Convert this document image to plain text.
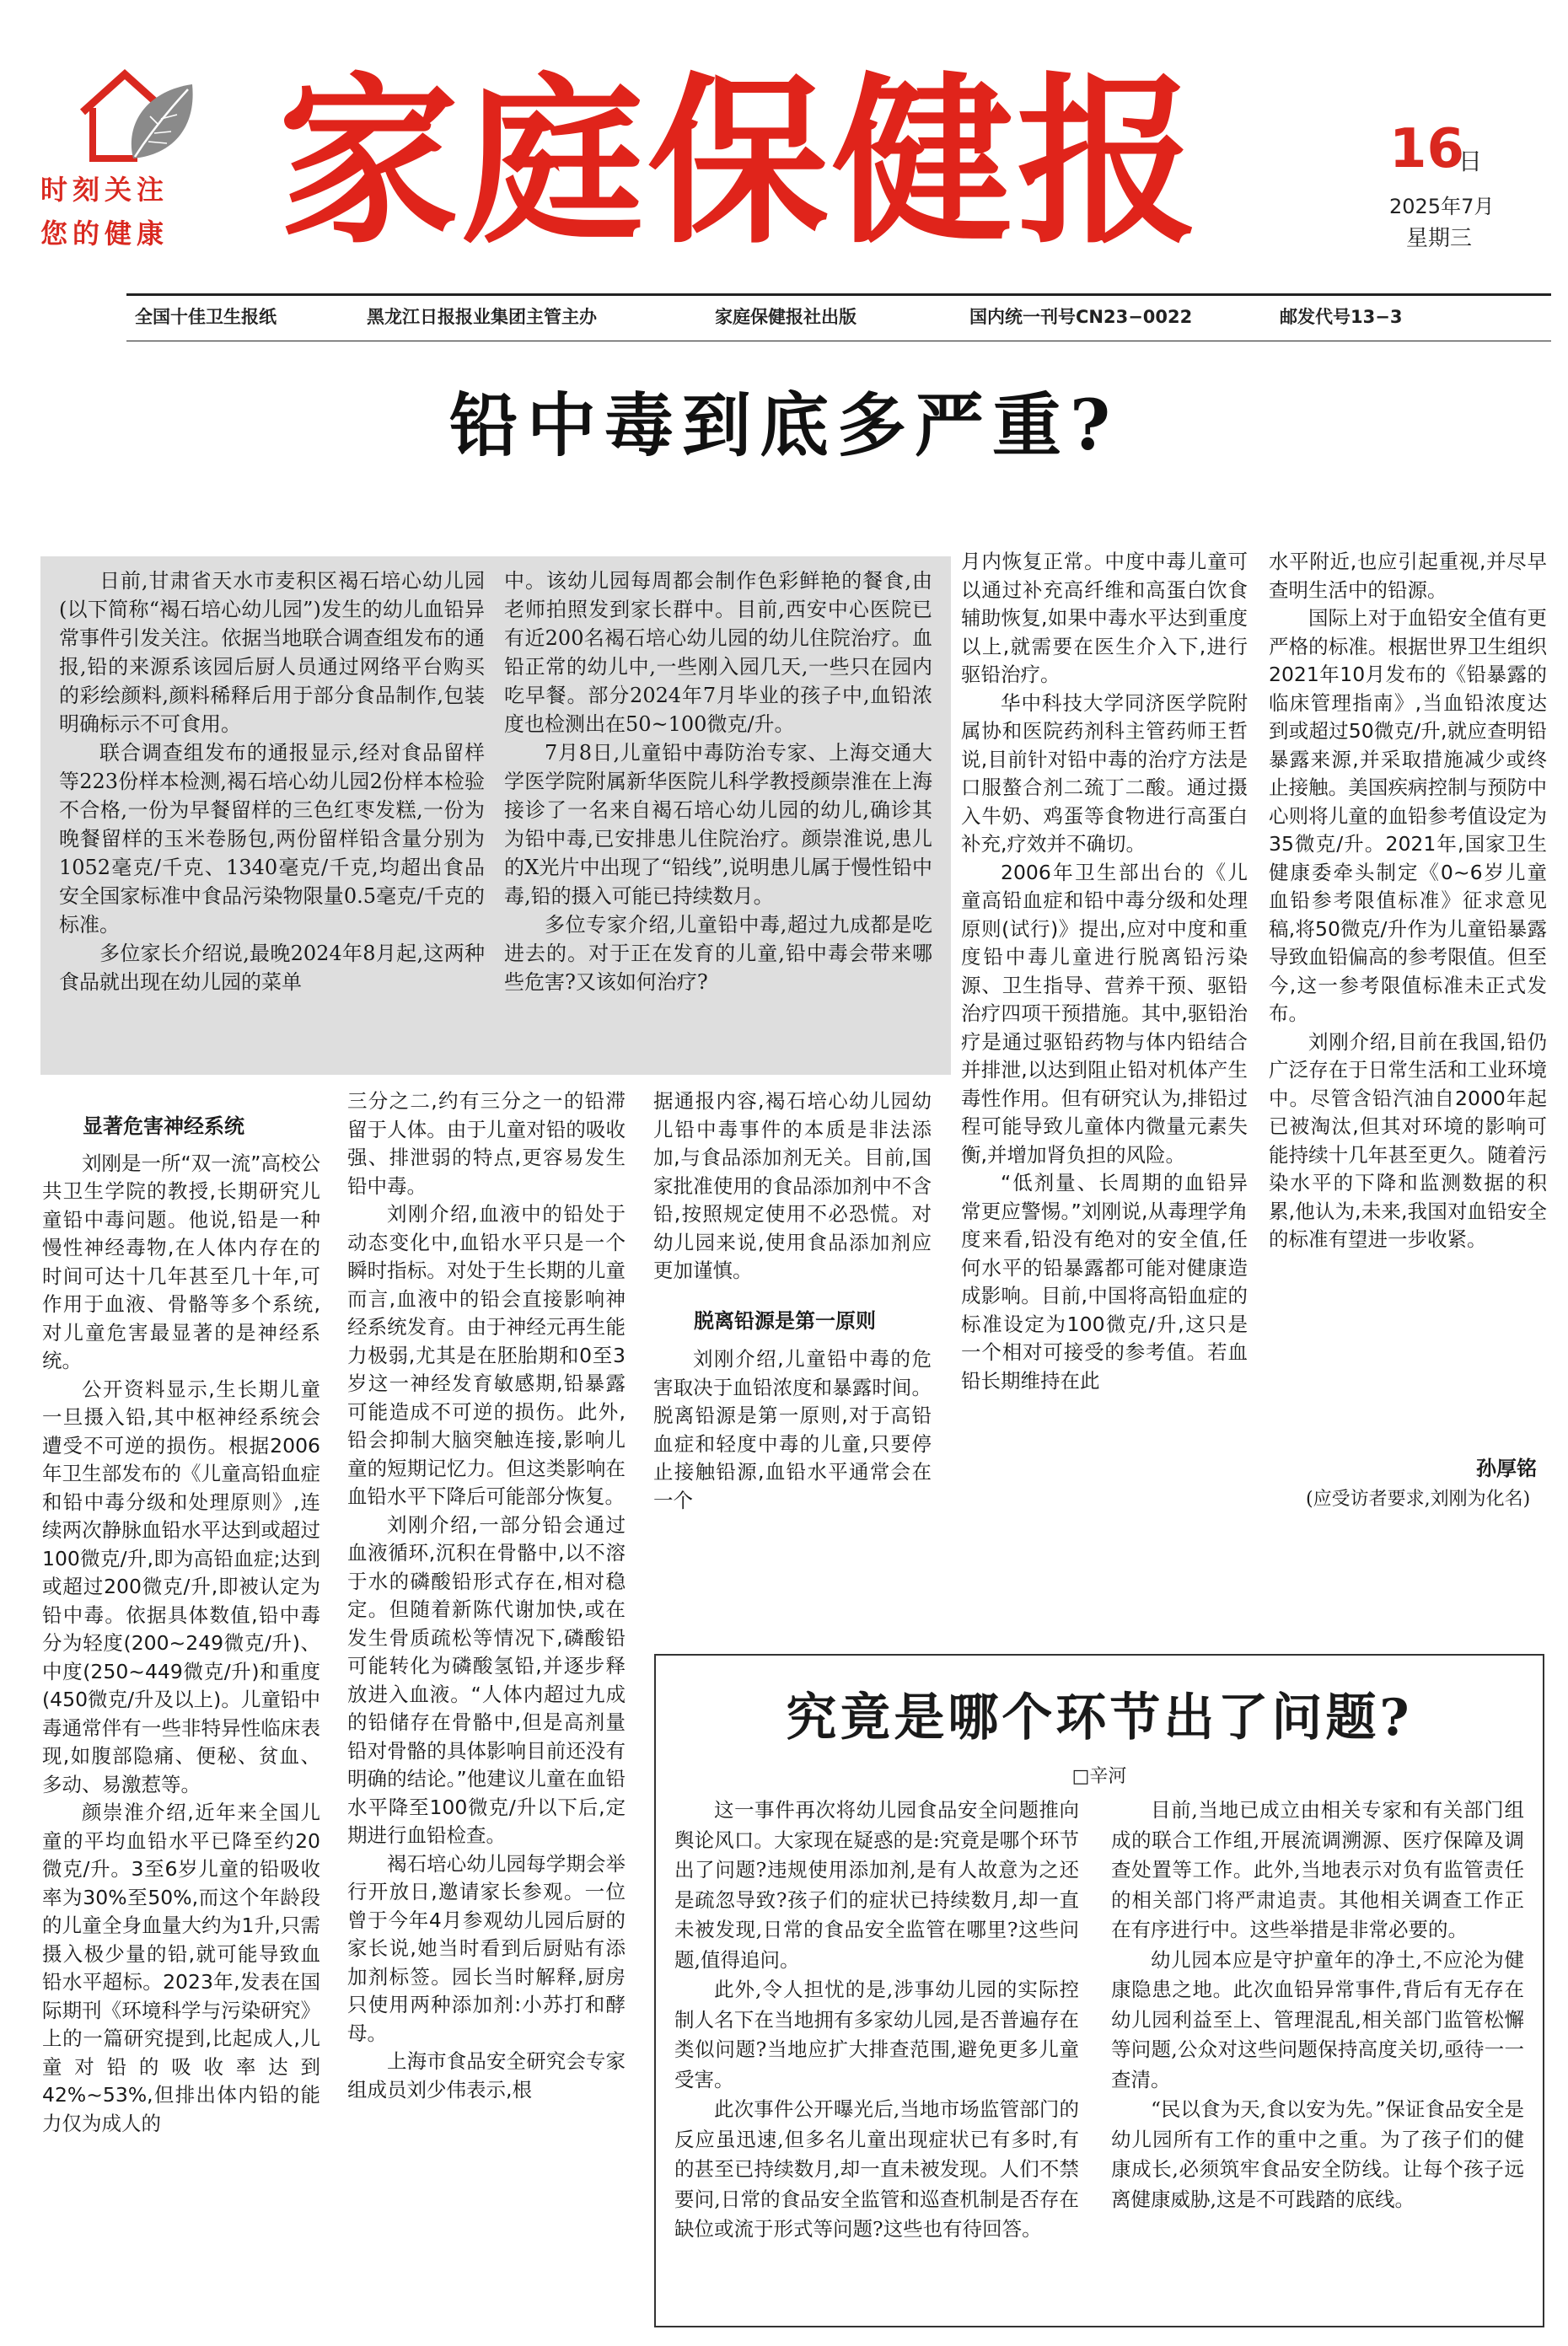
时刻关注
您的健康 家庭保健报	16
日
2025年7月
星期三
全国十佳卫生报纸	黑龙江日报报业集团主管主办	家庭保健报社出版	国内统一刊号CN23−0022	邮发代号13−3
铅中毒到底多严重?

日前,甘肃省天水市麦积区褐石培心幼儿园(以下简称“褐石培心幼儿园”)发生的幼儿血铅异常事件引发关注。依据当地联合调查组发布的通报,铅的来源系该园后厨人员通过网络平台购买的彩绘颜料,颜料稀释后用于部分食品制作,包装明确标示不可食用。

联合调查组发布的通报显示,经对食品留样等223份样本检测,褐石培心幼儿园2份样本检验不合格,一份为早餐留样的三色红枣发糕,一份为晚餐留样的玉米卷肠包,两份留样铅含量分别为1052毫克/千克、1340毫克/千克,均超出食品安全国家标准中食品污染物限量0.5毫克/千克的标准。

多位家长介绍说,最晚2024年8月起,这两种食品就出现在幼儿园的菜单

中。该幼儿园每周都会制作色彩鲜艳的餐食,由老师拍照发到家长群中。目前,西安中心医院已有近200名褐石培心幼儿园的幼儿住院治疗。血铅正常的幼儿中,一些刚入园几天,一些只在园内吃早餐。部分2024年7月毕业的孩子中,血铅浓度也检测出在50~100微克/升。

7月8日,儿童铅中毒防治专家、上海交通大学医学院附属新华医院儿科学教授颜崇淮在上海接诊了一名来自褐石培心幼儿园的幼儿,确诊其为铅中毒,已安排患儿住院治疗。颜崇淮说,患儿的X光片中出现了“铅线”,说明患儿属于慢性铅中毒,铅的摄入可能已持续数月。

多位专家介绍,儿童铅中毒,超过九成都是吃进去的。对于正在发育的儿童,铅中毒会带来哪些危害?又该如何治疗?

显著危害神经系统

刘刚是一所“双一流”高校公共卫生学院的教授,长期研究儿童铅中毒问题。他说,铅是一种慢性神经毒物,在人体内存在的时间可达十几年甚至几十年,可作用于血液、骨骼等多个系统,对儿童危害最显著的是神经系统。

公开资料显示,生长期儿童一旦摄入铅,其中枢神经系统会遭受不可逆的损伤。根据2006年卫生部发布的《儿童高铅血症和铅中毒分级和处理原则》,连续两次静脉血铅水平达到或超过100微克/升,即为高铅血症;达到或超过200微克/升,即被认定为铅中毒。依据具体数值,铅中毒分为轻度(200~249微克/升)、中度(250~449微克/升)和重度(450微克/升及以上)。儿童铅中毒通常伴有一些非特异性临床表现,如腹部隐痛、便秘、贫血、多动、易激惹等。

颜崇淮介绍,近年来全国儿童的平均血铅水平已降至约20微克/升。3至6岁儿童的铅吸收率为30%至50%,而这个年龄段的儿童全身血量大约为1升,只需摄入极少量的铅,就可能导致血铅水平超标。2023年,发表在国际期刊《环境科学与污染研究》上的一篇研究提到,比起成人,儿童对铅的吸收率达到42%~53%,但排出体内铅的能力仅为成人的

三分之二,约有三分之一的铅滞留于人体。由于儿童对铅的吸收强、排泄弱的特点,更容易发生铅中毒。

刘刚介绍,血液中的铅处于动态变化中,血铅水平只是一个瞬时指标。对处于生长期的儿童而言,血液中的铅会直接影响神经系统发育。由于神经元再生能力极弱,尤其是在胚胎期和0至3岁这一神经发育敏感期,铅暴露可能造成不可逆的损伤。此外,铅会抑制大脑突触连接,影响儿童的短期记忆力。但这类影响在血铅水平下降后可能部分恢复。

刘刚介绍,一部分铅会通过血液循环,沉积在骨骼中,以不溶于水的磷酸铅形式存在,相对稳定。但随着新陈代谢加快,或在发生骨质疏松等情况下,磷酸铅可能转化为磷酸氢铅,并逐步释放进入血液。“人体内超过九成的铅储存在骨骼中,但是高剂量铅对骨骼的具体影响目前还没有明确的结论。”他建议儿童在血铅水平降至100微克/升以下后,定期进行血铅检查。

褐石培心幼儿园每学期会举行开放日,邀请家长参观。一位曾于今年4月参观幼儿园后厨的家长说,她当时看到后厨贴有添加剂标签。园长当时解释,厨房只使用两种添加剂:小苏打和酵母。

上海市食品安全研究会专家组成员刘少伟表示,根

据通报内容,褐石培心幼儿园幼儿铅中毒事件的本质是非法添加,与食品添加剂无关。目前,国家批准使用的食品添加剂中不含铅,按照规定使用不必恐慌。对幼儿园来说,使用食品添加剂应更加谨慎。

脱离铅源是第一原则

刘刚介绍,儿童铅中毒的危害取决于血铅浓度和暴露时间。脱离铅源是第一原则,对于高铅血症和轻度中毒的儿童,只要停止接触铅源,血铅水平通常会在一个

月内恢复正常。中度中毒儿童可以通过补充高纤维和高蛋白饮食辅助恢复,如果中毒水平达到重度以上,就需要在医生介入下,进行驱铅治疗。

华中科技大学同济医学院附属协和医院药剂科主管药师王哲说,目前针对铅中毒的治疗方法是口服螯合剂二巯丁二酸。通过摄入牛奶、鸡蛋等食物进行高蛋白补充,疗效并不确切。

2006年卫生部出台的《儿童高铅血症和铅中毒分级和处理原则(试行)》提出,应对中度和重度铅中毒儿童进行脱离铅污染源、卫生指导、营养干预、驱铅治疗四项干预措施。其中,驱铅治疗是通过驱铅药物与体内铅结合并排泄,以达到阻止铅对机体产生毒性作用。但有研究认为,排铅过程可能导致儿童体内微量元素失衡,并增加肾负担的风险。

“低剂量、长周期的血铅异常更应警惕。”刘刚说,从毒理学角度来看,铅没有绝对的安全值,任何水平的铅暴露都可能对健康造成影响。目前,中国将高铅血症的标准设定为100微克/升,这只是一个相对可接受的参考值。若血铅长期维持在此

水平附近,也应引起重视,并尽早查明生活中的铅源。

国际上对于血铅安全值有更严格的标准。根据世界卫生组织2021年10月发布的《铅暴露的临床管理指南》,当血铅浓度达到或超过50微克/升,就应查明铅暴露来源,并采取措施减少或终止接触。美国疾病控制与预防中心则将儿童的血铅参考值设定为35微克/升。2021年,国家卫生健康委牵头制定《0~6岁儿童血铅参考限值标准》征求意见稿,将50微克/升作为儿童铅暴露导致血铅偏高的参考限值。但至今,这一参考限值标准未正式发布。

刘刚介绍,目前在我国,铅仍广泛存在于日常生活和工业环境中。尽管含铅汽油自2000年起已被淘汰,但其对环境的影响可能持续十几年甚至更久。随着污染水平的下降和监测数据的积累,他认为,未来,我国对血铅安全的标准有望进一步收紧。

孙厚铭
(应受访者要求,刘刚为化名)
究竟是哪个环节出了问题?
□辛河

这一事件再次将幼儿园食品安全问题推向舆论风口。大家现在疑惑的是:究竟是哪个环节出了问题?违规使用添加剂,是有人故意为之还是疏忽导致?孩子们的症状已持续数月,却一直未被发现,日常的食品安全监管在哪里?这些问题,值得追问。

此外,令人担忧的是,涉事幼儿园的实际控制人名下在当地拥有多家幼儿园,是否普遍存在类似问题?当地应扩大排查范围,避免更多儿童受害。

此次事件公开曝光后,当地市场监管部门的反应虽迅速,但多名儿童出现症状已有多时,有的甚至已持续数月,却一直未被发现。人们不禁要问,日常的食品安全监管和巡查机制是否存在缺位或流于形式等问题?这些也有待回答。

目前,当地已成立由相关专家和有关部门组成的联合工作组,开展流调溯源、医疗保障及调查处置等工作。此外,当地表示对负有监管责任的相关部门将严肃追责。其他相关调查工作正在有序进行中。这些举措是非常必要的。

幼儿园本应是守护童年的净土,不应沦为健康隐患之地。此次血铅异常事件,背后有无存在幼儿园利益至上、管理混乱,相关部门监管松懈等问题,公众对这些问题保持高度关切,亟待一一查清。

“民以食为天,食以安为先。”保证食品安全是幼儿园所有工作的重中之重。为了孩子们的健康成长,必须筑牢食品安全防线。让每个孩子远离健康威胁,这是不可践踏的底线。
